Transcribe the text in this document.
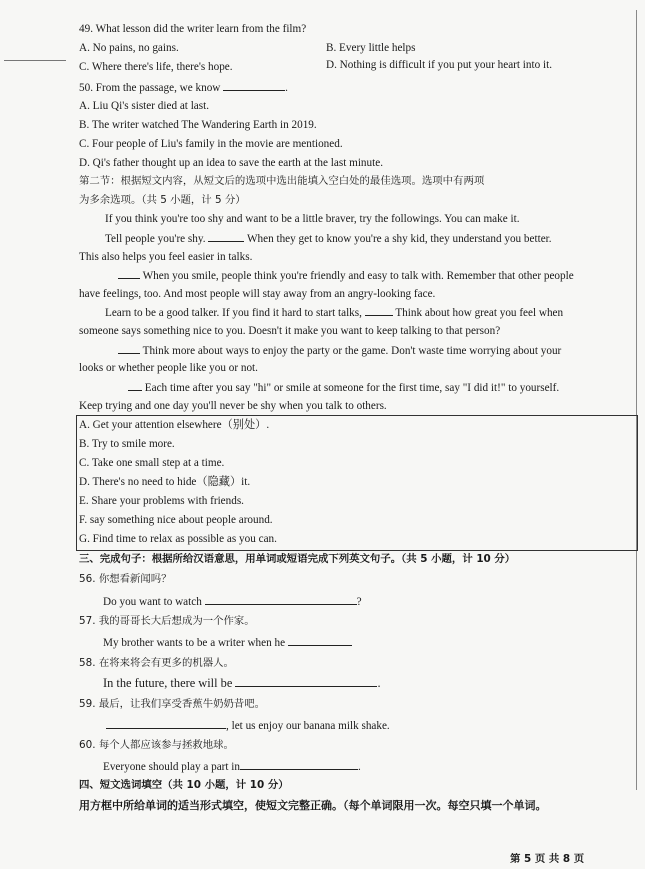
49. What lesson did the writer learn from the film?
A. No pains, no gains.	B. Every little helps
C. Where there's life, there's hope.	D. Nothing is difficult if you put your heart into it.
50. From the passage, we know	.
A. Liu Qi's sister died at last.
B. The writer watched The Wandering Earth in 2019.
C. Four people of Liu's family in the movie are mentioned.
D. Qi's father thought up an idea to save the earth at the last minute.
第二节：根据短文内容，从短文后的选项中选出能填入空白处的最佳选项。选项中有两项
为多余选项。（共 5 小题，计 5 分）
If you think you're too shy and want to be a little braver, try the followings. You can make it.
Tell people you're shy.	When they get to know you're a shy kid, they understand you better.
This also helps you feel easier in talks.
When you smile, people think you're friendly and easy to talk with. Remember that other people
have feelings, too. And most people will stay away from an angry-looking face.
Learn to be a good talker. If you find it hard to start talks,	Think about how great you feel when
someone says something nice to you. Doesn't it make you want to keep talking to that person?
Think more about ways to enjoy the party or the game. Don't waste time worrying about your
looks or whether people like you or not.
Each time after you say "hi" or smile at someone for the first time, say "I did it!" to yourself.
Keep trying and one day you'll never be shy when you talk to others.
A. Get your attention elsewhere（别处）.
B. Try to smile more.
C. Take one small step at a time.
D. There's no need to hide（隐藏）it.
E. Share your problems with friends.
F. say something nice about people around.
G. Find time to relax as possible as you can.
三、完成句子：根据所给汉语意思，用单词或短语完成下列英文句子。（共 5 小题，计 10 分）
56. 你想看新闻吗？
Do you want to watch	?
57. 我的哥哥长大后想成为一个作家。
My brother wants to be a writer when he
58. 在将来将会有更多的机器人。
In the future, there will be	.
59. 最后，让我们享受香蕉牛奶奶昔吧。
, let us enjoy our banana milk shake.
60. 每个人都应该参与拯救地球。
Everyone should play a part in	.
四、短文选词填空（共 10 小题，计 10 分）
用方框中所给单词的适当形式填空，使短文完整正确。（每个单词限用一次。每空只填一个单词。
第 5 页 共 8 页
